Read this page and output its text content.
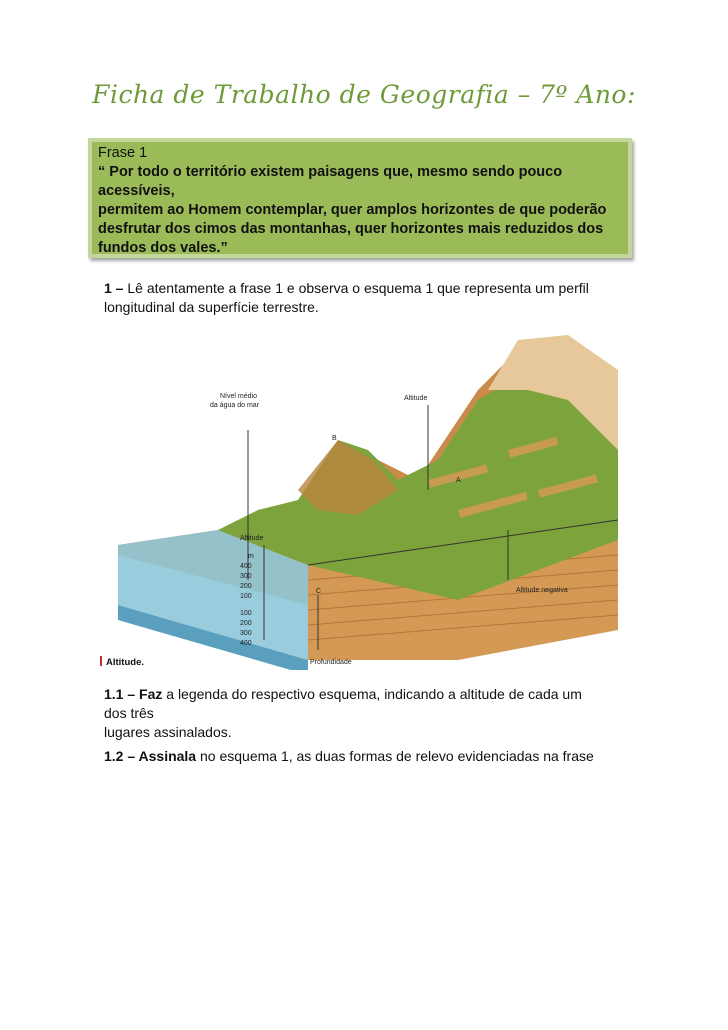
Ficha de Trabalho de Geografia – 7º Ano:
Frase 1
“ Por todo o território existem paisagens que, mesmo sendo pouco
acessíveis,
permitem ao Homem contemplar, quer amplos horizontes de que poderão
desfrutar dos cimos das montanhas, quer horizontes mais reduzidos dos
fundos dos vales.”
1 – Lê atentamente a frase 1 e observa o esquema 1 que representa um perfil
longitudinal da superfície terrestre.
Nível médio
da água do mar
Altitude
Altitude
m
400
300
200
100
100
200
300
400
Altitude negativa
Profundidade
A
B
C
Altitude.
1.1 – Faz a legenda do respectivo esquema, indicando a altitude de cada um
dos três
lugares assinalados.
1.2 – Assinala no esquema 1, as duas formas de relevo evidenciadas na frase
